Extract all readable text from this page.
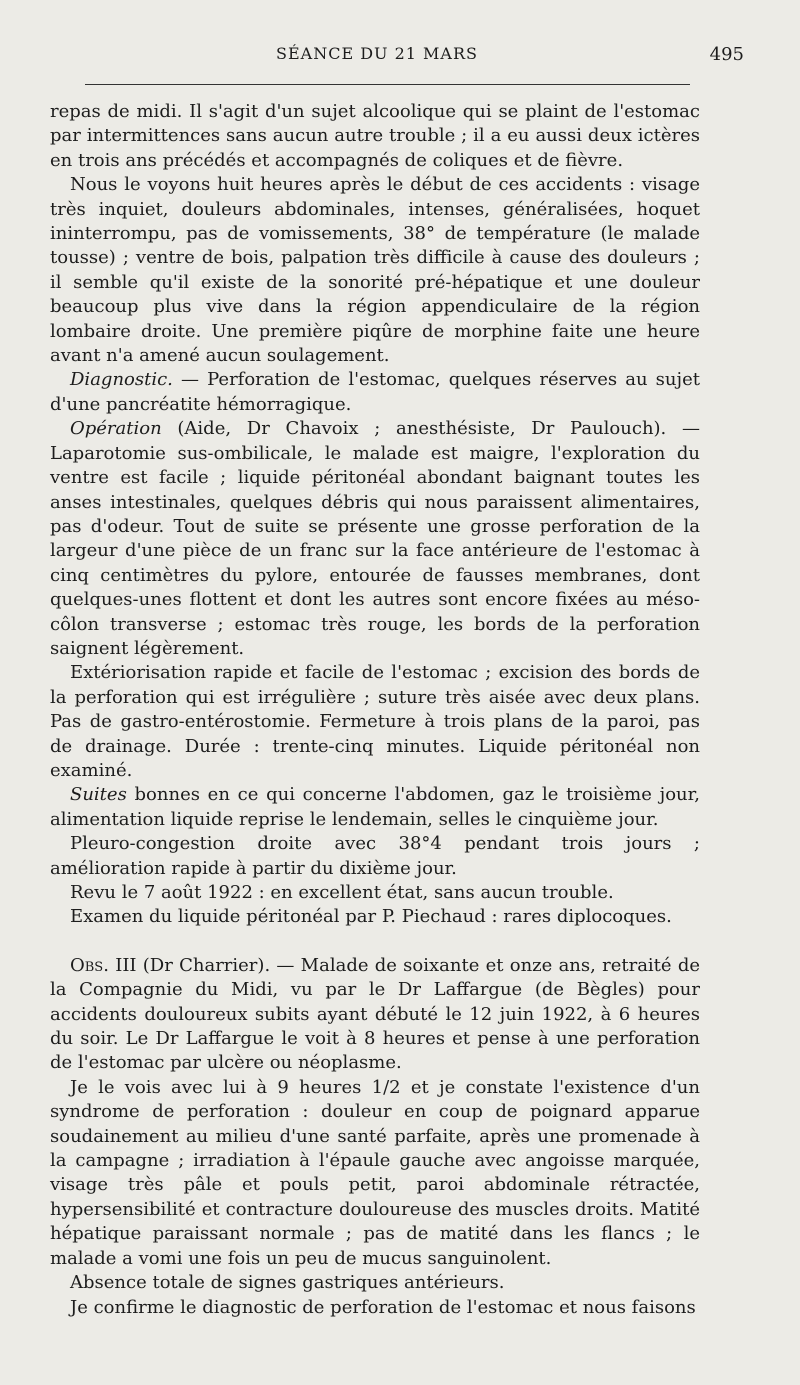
SÉANCE DU 21 MARS	495

repas de midi. Il s'agit d'un sujet alcoolique qui se plaint de l'estomac par intermittences sans aucun autre trouble ; il a eu aussi deux ictères en trois ans précédés et accompagnés de coliques et de fièvre.

Nous le voyons huit heures après le début de ces accidents : visage très inquiet, douleurs abdominales, intenses, généralisées, hoquet ininterrompu, pas de vomissements, 38° de température (le malade tousse) ; ventre de bois, palpation très difficile à cause des douleurs ; il semble qu'il existe de la sonorité pré-hépatique et une douleur beaucoup plus vive dans la région appendiculaire de la région lombaire droite. Une première piqûre de morphine faite une heure avant n'a amené aucun soulagement.

Diagnostic. — Perforation de l'estomac, quelques réserves au sujet d'une pancréatite hémorragique.

Opération (Aide, Dr Chavoix ; anesthésiste, Dr Paulouch). — Laparotomie sus-ombilicale, le malade est maigre, l'exploration du ventre est facile ; liquide péritonéal abondant baignant toutes les anses intestinales, quelques débris qui nous paraissent alimentaires, pas d'odeur. Tout de suite se présente une grosse perforation de la largeur d'une pièce de un franc sur la face antérieure de l'estomac à cinq centimètres du pylore, entourée de fausses membranes, dont quelques-unes flottent et dont les autres sont encore fixées au méso-côlon transverse ; estomac très rouge, les bords de la perforation saignent légèrement.

Extériorisation rapide et facile de l'estomac ; excision des bords de la perforation qui est irrégulière ; suture très aisée avec deux plans. Pas de gastro-entérostomie. Fermeture à trois plans de la paroi, pas de drainage. Durée : trente-cinq minutes. Liquide péritonéal non examiné.

Suites bonnes en ce qui concerne l'abdomen, gaz le troisième jour, alimentation liquide reprise le lendemain, selles le cinquième jour.

Pleuro-congestion droite avec 38°4 pendant trois jours ; amélioration rapide à partir du dixième jour.

Revu le 7 août 1922 : en excellent état, sans aucun trouble.

Examen du liquide péritonéal par P. Piechaud : rares diplocoques.

Obs. III (Dr Charrier). — Malade de soixante et onze ans, retraité de la Compagnie du Midi, vu par le Dr Laffargue (de Bègles) pour accidents douloureux subits ayant débuté le 12 juin 1922, à 6 heures du soir. Le Dr Laffargue le voit à 8 heures et pense à une perforation de l'estomac par ulcère ou néoplasme.

Je le vois avec lui à 9 heures 1/2 et je constate l'existence d'un syndrome de perforation : douleur en coup de poignard apparue soudainement au milieu d'une santé parfaite, après une promenade à la campagne ; irradiation à l'épaule gauche avec angoisse marquée, visage très pâle et pouls petit, paroi abdominale rétractée, hypersensibilité et contracture douloureuse des muscles droits. Matité hépatique paraissant normale ; pas de matité dans les flancs ; le malade a vomi une fois un peu de mucus sanguinolent.

Absence totale de signes gastriques antérieurs.

Je confirme le diagnostic de perforation de l'estomac et nous faisons
